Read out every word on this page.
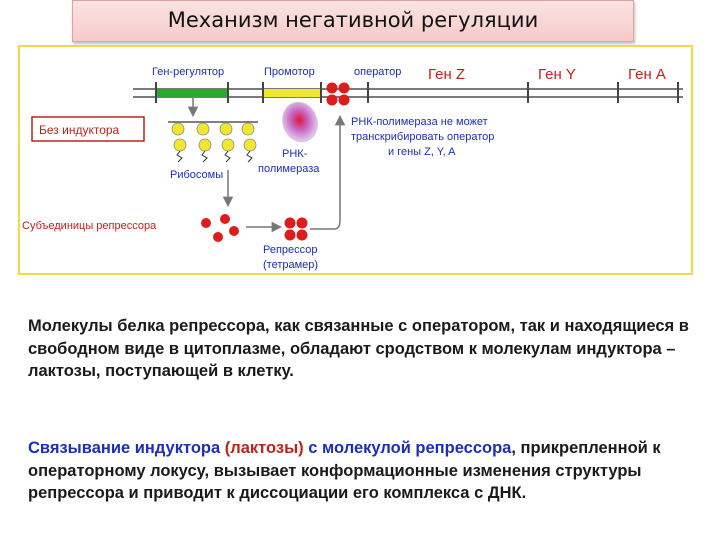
Механизм негативной регуляции
Ген-регулятор	Промотор	оператор Ген Z	Ген Y	Ген A
Без индуктора
РНК-полимераза не может
транскрибировать оператор
и гены Z, Y, A
РНК-
полимераза
Рибосомы
Субъединицы репрессора
Репрессор
(тетрамер)

Молекулы белка репрессора, как связанные с оператором, так и находящиеся в свободном виде в цитоплазме, обладают сродством к молекулам индуктора – лактозы, поступающей в клетку.

Связывание индуктора (лактозы) с молекулой репрессора, прикрепленной к операторному локусу, вызывает конформационные изменения структуры репрессора и приводит к диссоциации его комплекса с ДНК.
